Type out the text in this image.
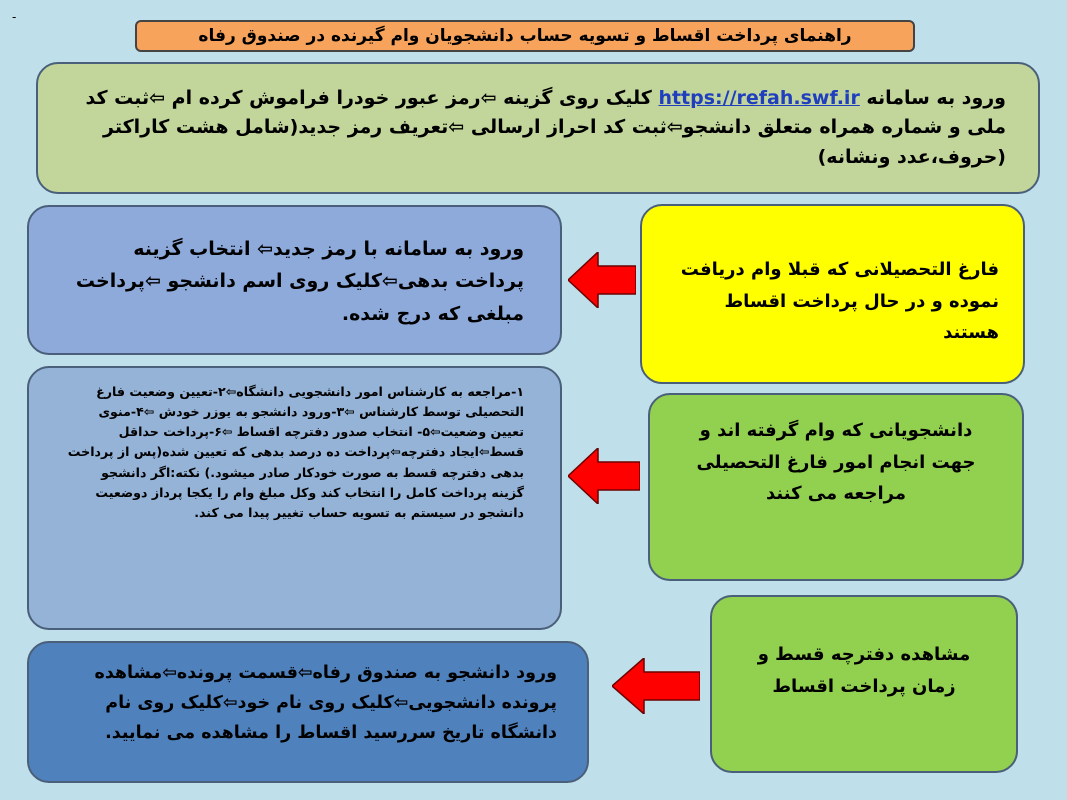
-
راهنمای پرداخت اقساط و تسویه حساب دانشجویان وام گیرنده در صندوق رفاه
ورود به سامانه https://refah.swf.ir کلیک روی گزینه ⇦رمز عبور خودرا فراموش کرده ام ⇦ثبت کد ملی و شماره همراه متعلق دانشجو⇦ثبت کد احراز ارسالی ⇦تعریف رمز جدید(شامل هشت کاراکتر (حروف،عدد ونشانه)
فارغ التحصیلانی که قبلا وام دریافت نموده و در حال پرداخت اقساط هستند
ورود به سامانه با رمز جدید⇦ انتخاب گزینه پرداخت بدهی⇦کلیک روی اسم دانشجو ⇦پرداخت مبلغی که درج شده.
دانشجویانی که وام گرفته اند و جهت انجام امور فارغ التحصیلی مراجعه می کنند
۱-مراجعه به کارشناس امور دانشجویی دانشگاه⇦۲-تعیین وضعیت فارغ التحصیلی توسط کارشناس ⇦۳-ورود دانشجو به یوزر خودش ⇦۴-منوی تعیین وضعیت⇦۵- انتخاب صدور دفترچه اقساط ⇦۶-پرداخت حداقل قسط⇦ایجاد دفترچه⇦پرداخت ده درصد بدهی که تعیین شده(پس از پرداخت بدهی دفترچه قسط به صورت خودکار صادر میشود.) نکته:اگر دانشجو گزینه پرداخت کامل را انتخاب کند وکل مبلغ وام را یکجا پرداز دوضعیت دانشجو در سیستم به تسویه حساب تغییر پیدا می کند.
مشاهده دفترچه قسط و زمان پرداخت اقساط
ورود دانشجو به صندوق رفاه⇦قسمت پرونده⇦مشاهده پرونده دانشجویی⇦کلیک روی نام خود⇦کلیک روی نام دانشگاه تاریخ سررسید اقساط را مشاهده می نمایید.
